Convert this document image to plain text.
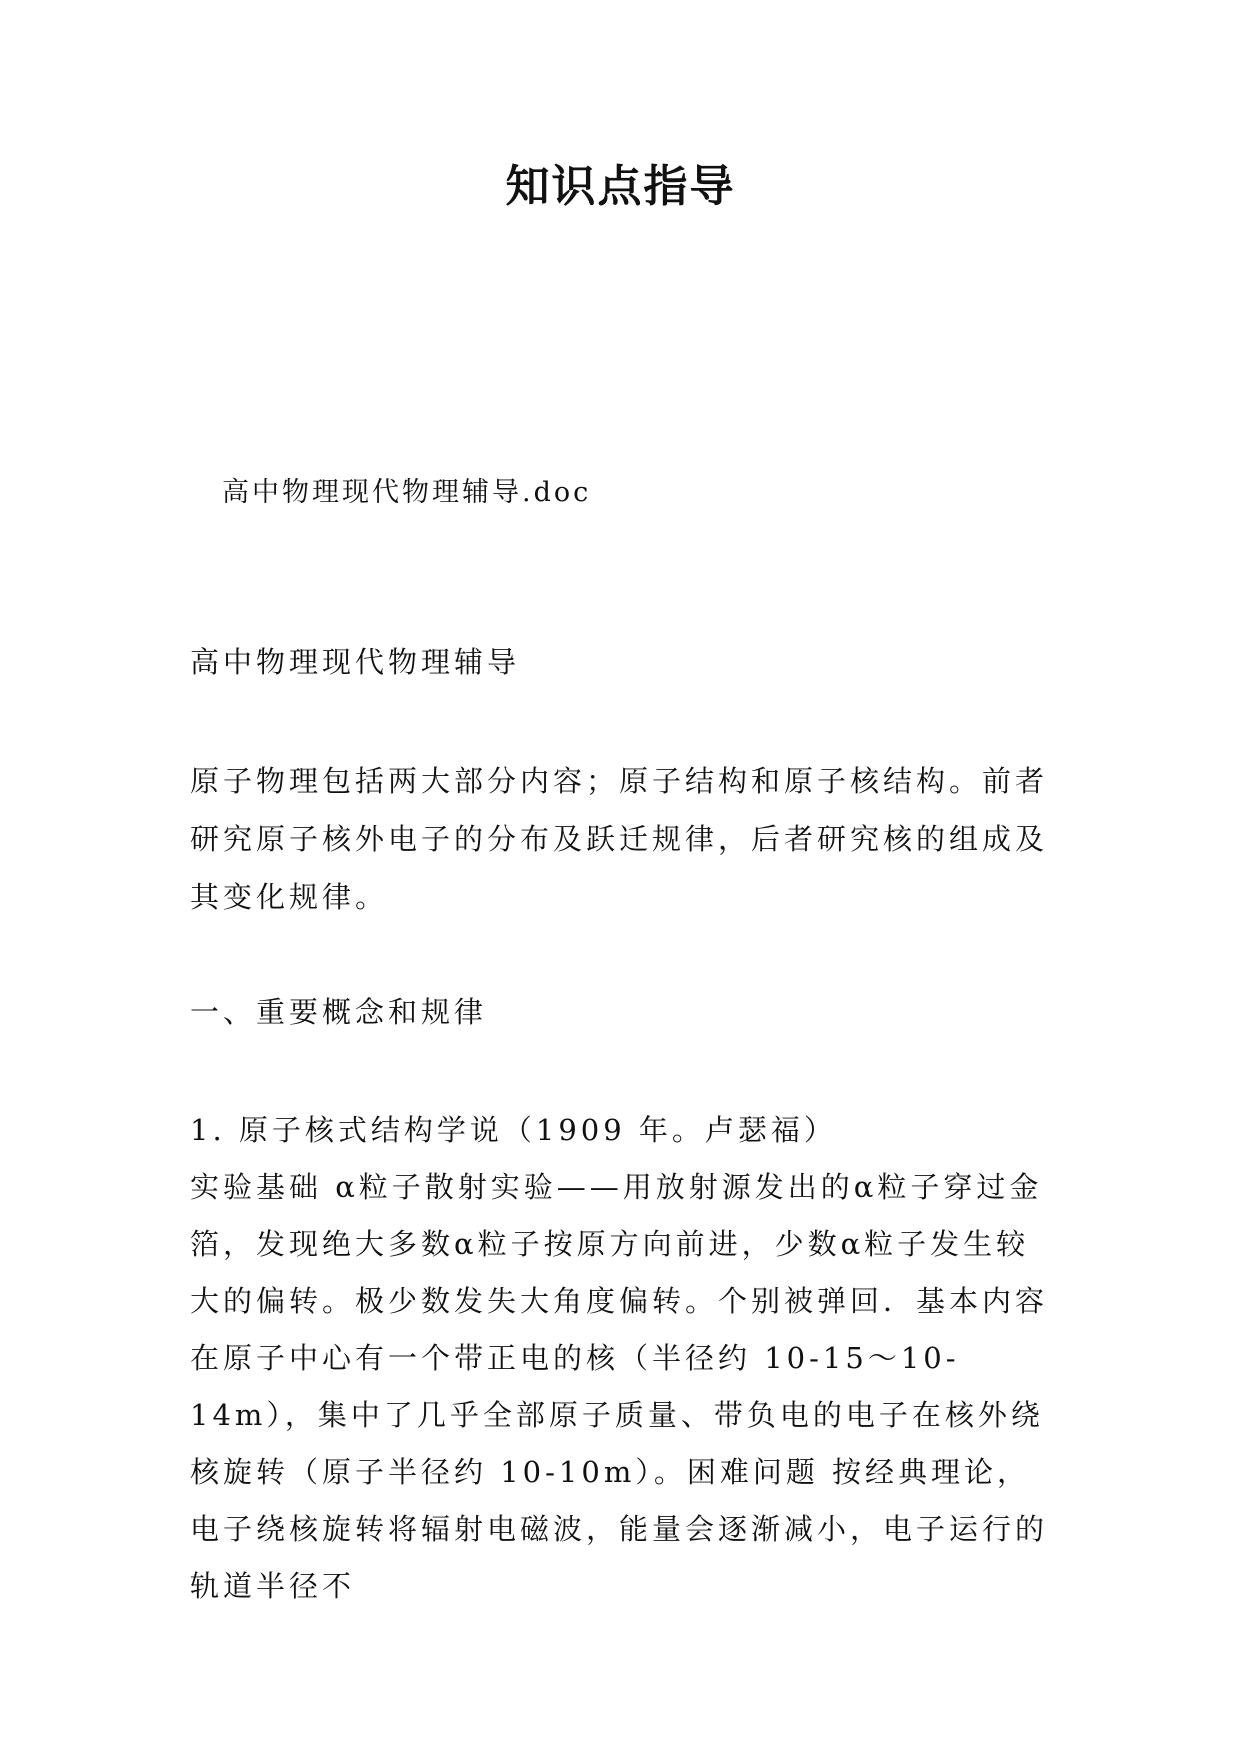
知识点指导

高中物理现代物理辅导.doc

高中物理现代物理辅导

原子物理包括两大部分内容；原子结构和原子核结构。前者研究原子核外电子的分布及跃迁规律，后者研究核的组成及其变化规律。

一、重要概念和规律

1. 原子核式结构学说（1909 年。卢瑟福）

实验基础 α粒子散射实验——用放射源发出的α粒子穿过金箔，发现绝大多数α粒子按原方向前进，少数α粒子发生较大的偏转。极少数发失大角度偏转。个别被弹回．基本内容 在原子中心有一个带正电的核（半径约 10-15～10-14m），集中了几乎全部原子质量、带负电的电子在核外绕核旋转（原子半径约 10-10m）。困难问题 按经典理论，电子绕核旋转将辐射电磁波，能量会逐渐减小，电子运行的轨道半径不
